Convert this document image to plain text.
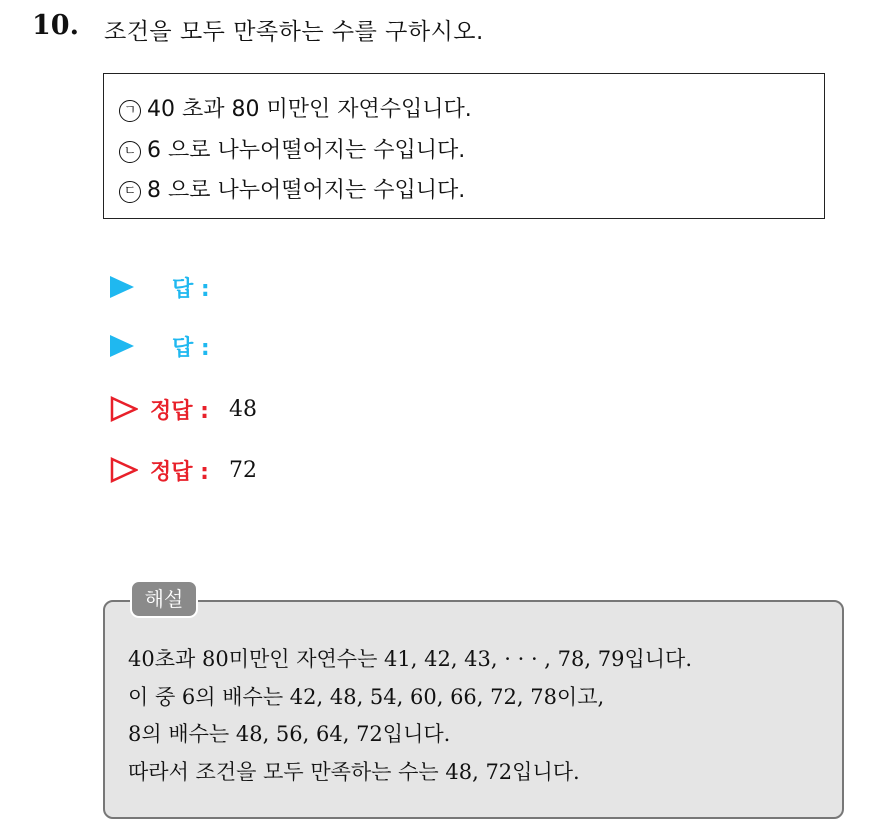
10. 조건을 모두 만족하는 수를 구하시오.
ㄱ 40 초과 80 미만인 자연수입니다.
ㄴ 6 으로 나누어떨어지는 수입니다.
ㄷ 8 으로 나누어떨어지는 수입니다.
답 :
답 :
정답 : 48
정답 : 72
해설
40초과 80미만인 자연수는 41, 42, 43, · · · , 78, 79입니다.
이 중 6의 배수는 42, 48, 54, 60, 66, 72, 78이고,
8의 배수는 48, 56, 64, 72입니다.
따라서 조건을 모두 만족하는 수는 48, 72입니다.
